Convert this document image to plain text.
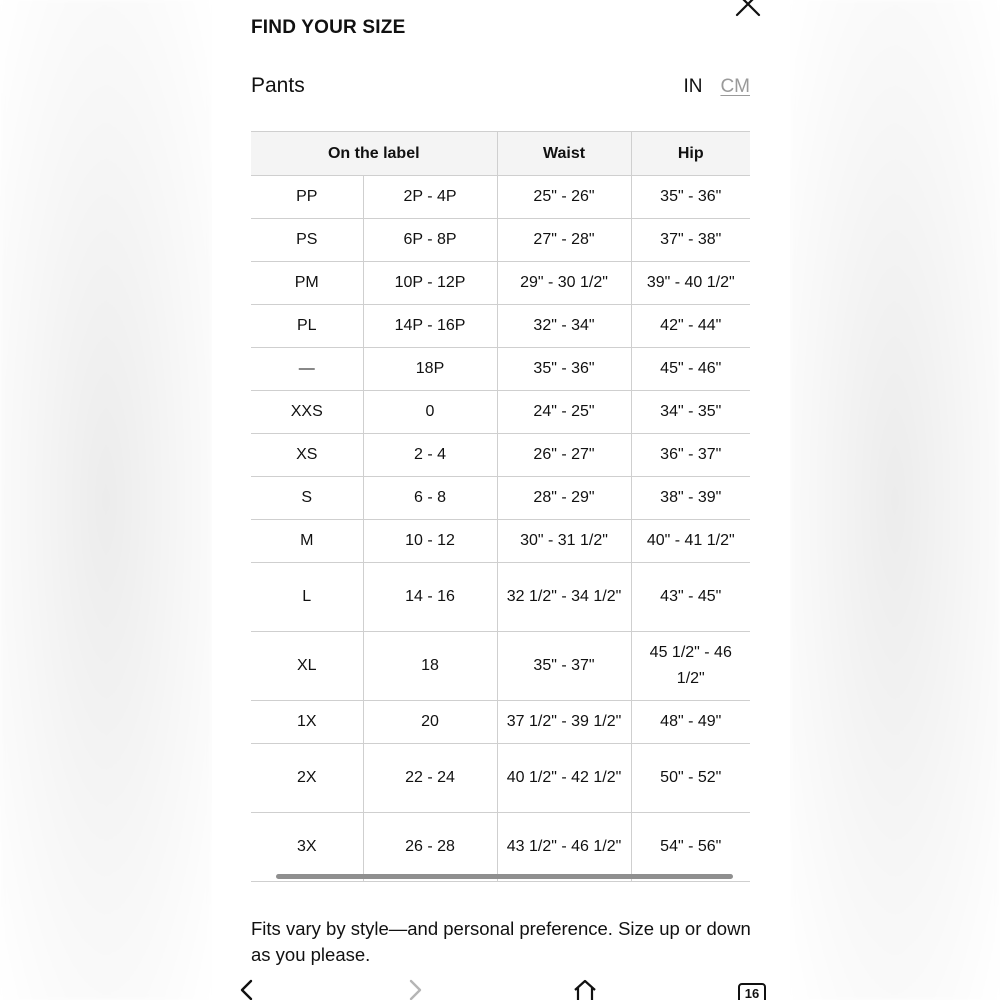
FIND YOUR SIZE
Pants	IN CM
On the label		Waist	Hip
PP	2P - 4P	25" - 26"	35" - 36"
PS	6P - 8P	27" - 28"	37" - 38"
PM	10P - 12P	29" - 30 1/2"	39" - 40 1/2"
PL	14P - 16P	32" - 34"	42" - 44"
—	18P	35" - 36"	45" - 46"
XXS	0	24" - 25"	34" - 35"
XS	2 - 4	26" - 27"	36" - 37"
S	6 - 8	28" - 29"	38" - 39"
M	10 - 12	30" - 31 1/2"	40" - 41 1/2"
L	14 - 16	32 1/2" - 34 1/2"	43" - 45"
XL	18	35" - 37"	45 1/2" - 46 1/2"
1X	20	37 1/2" - 39 1/2"	48" - 49"
2X	22 - 24	40 1/2" - 42 1/2"	50" - 52"
3X	26 - 28	43 1/2" - 46 1/2"	54" - 56"
Fits vary by style—and personal preference. Size up or down as you please.
16
